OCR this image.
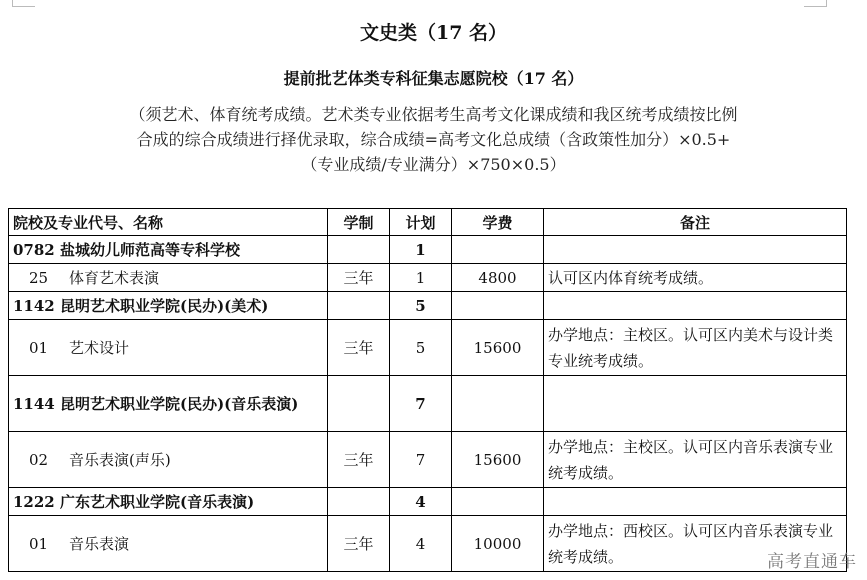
文史类（17 名）
提前批艺体类专科征集志愿院校（17 名）
（须艺术、体育统考成绩。艺术类专业依据考生高考文化课成绩和我区统考成绩按比例
合成的综合成绩进行择优录取，综合成绩=高考文化总成绩（含政策性加分）×0.5+
（专业成绩/专业满分）×750×0.5）
院校及专业代号、名称	学制	计划	学费	备注
0782 盐城幼儿师范高等专科学校		1		
25 体育艺术表演	三年	1	4800	认可区内体育统考成绩。
1142 昆明艺术职业学院(民办)(美术)		5		
01 艺术设计	三年	5	15600	办学地点：主校区。认可区内美术与设计类专业统考成绩。
1144 昆明艺术职业学院(民办)(音乐表演)		7		
02 音乐表演(声乐)	三年	7	15600	办学地点：主校区。认可区内音乐表演专业统考成绩。
1222 广东艺术职业学院(音乐表演)		4		
01 音乐表演	三年	4	10000	办学地点：西校区。认可区内音乐表演专业统考成绩。	高考直通车
